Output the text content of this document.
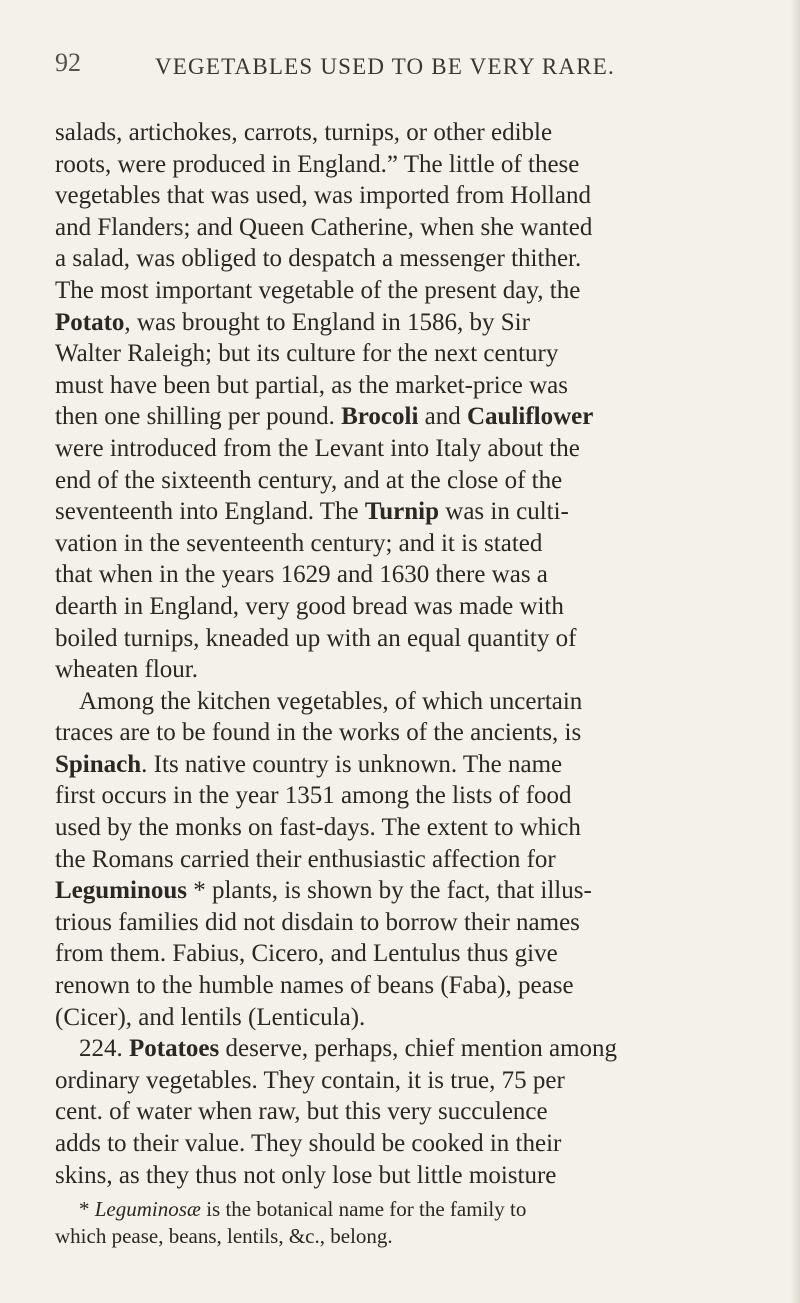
92	VEGETABLES USED TO BE VERY RARE.
salads, artichokes, carrots, turnips, or other edible
roots, were produced in England.” The little of these
vegetables that was used, was imported from Holland
and Flanders; and Queen Catherine, when she wanted
a salad, was obliged to despatch a messenger thither.
The most important vegetable of the present day, the
Potato, was brought to England in 1586, by Sir
Walter Raleigh; but its culture for the next century
must have been but partial, as the market-price was
then one shilling per pound. Brocoli and Cauliflower
were introduced from the Levant into Italy about the
end of the sixteenth century, and at the close of the
seventeenth into England. The Turnip was in culti-
vation in the seventeenth century; and it is stated
that when in the years 1629 and 1630 there was a
dearth in England, very good bread was made with
boiled turnips, kneaded up with an equal quantity of
wheaten flour.
Among the kitchen vegetables, of which uncertain
traces are to be found in the works of the ancients, is
Spinach. Its native country is unknown. The name
first occurs in the year 1351 among the lists of food
used by the monks on fast-days. The extent to which
the Romans carried their enthusiastic affection for
Leguminous * plants, is shown by the fact, that illus-
trious families did not disdain to borrow their names
from them. Fabius, Cicero, and Lentulus thus give
renown to the humble names of beans (Faba), pease
(Cicer), and lentils (Lenticula).
224. Potatoes deserve, perhaps, chief mention among
ordinary vegetables. They contain, it is true, 75 per
cent. of water when raw, but this very succulence
adds to their value. They should be cooked in their
skins, as they thus not only lose but little moisture
* Leguminosæ is the botanical name for the family to
which pease, beans, lentils, &c., belong.
